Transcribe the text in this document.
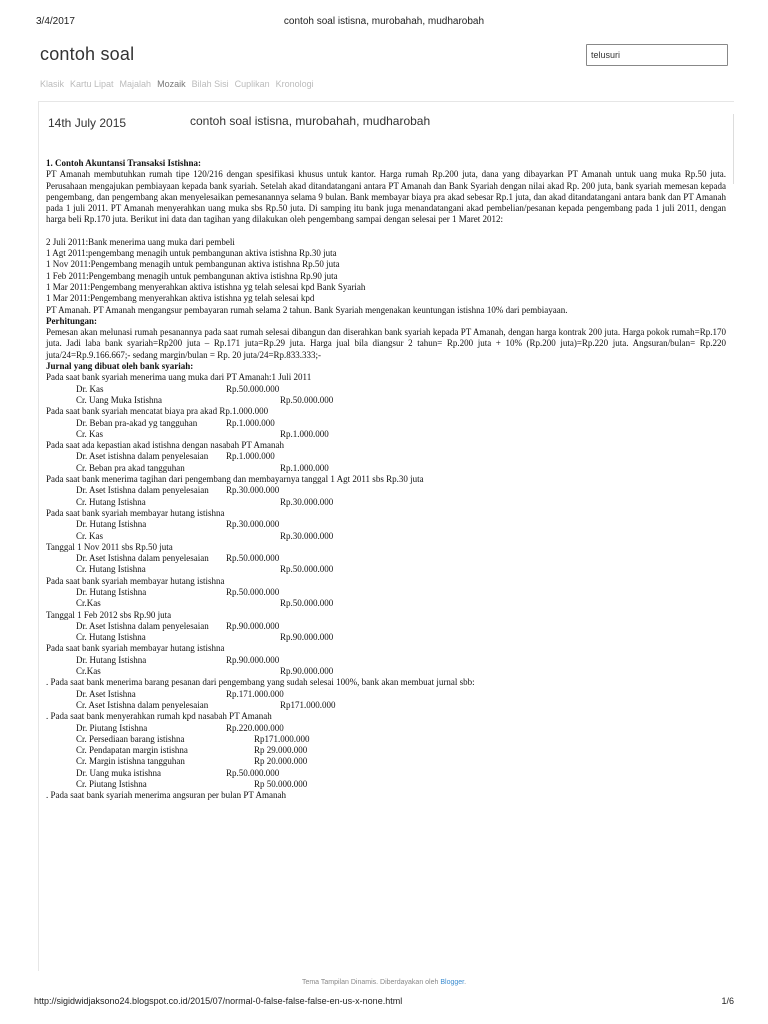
3/4/2017	contoh soal istisna, murobahah, mudharobah
contoh soal	telusuri
Klasik Kartu Lipat Majalah Mozaik Bilah Sisi Cuplikan Kronologi
14th July 2015	contoh soal istisna, murobahah, mudharobah

1. Contoh Akuntansi Transaksi Istishna:

PT Amanah membutuhkan rumah tipe 120/216 dengan spesifikasi khusus untuk kantor. Harga rumah Rp.200 juta, dana yang dibayarkan PT Amanah untuk uang muka Rp.50 juta. Perusahaan mengajukan pembiayaan kepada bank syariah. Setelah akad ditandatangani antara PT Amanah dan Bank Syariah dengan nilai akad Rp. 200 juta, bank syariah memesan kepada pengembang, dan pengembang akan menyelesaikan pemesanannya selama 9 bulan. Bank membayar biaya pra akad sebesar Rp.1 juta, dan akad ditandatangani antara bank dan PT Amanah pada 1 juli 2011. PT Amanah menyerahkan uang muka sbs Rp.50 juta. Di samping itu bank juga menandatangani akad pembelian/pesanan kepada pengembang pada 1 juli 2011, dengan harga beli Rp.170 juta. Berikut ini data dan tagihan yang dilakukan oleh pengembang sampai dengan selesai per 1 Maret 2012:

2 Juli 2011:Bank menerima uang muka dari pembeli

1 Agt 2011:pengembang menagih untuk pembangunan aktiva istishna Rp.30 juta

1 Nov 2011:Pengembang menagih untuk pembangunan aktiva istishna Rp.50 juta

1 Feb 2011:Pengembang menagih untuk pembangunan aktiva istishna Rp.90 juta

1 Mar 2011:Pengembang menyerahkan aktiva istishna yg telah selesai kpd Bank Syariah

1 Mar 2011:Pengembang menyerahkan aktiva istishna yg telah selesai kpd

PT Amanah. PT Amanah mengangsur pembayaran rumah selama 2 tahun. Bank Syariah mengenakan keuntungan istishna 10% dari pembiayaan.

Perhitungan:

Pemesan akan melunasi rumah pesanannya pada saat rumah selesai dibangun dan diserahkan bank syariah kepada PT Amanah, dengan harga kontrak 200 juta. Harga pokok rumah=Rp.170 juta. Jadi laba bank syariah=Rp200 juta – Rp.171 juta=Rp.29 juta. Harga jual bila diangsur 2 tahun= Rp.200 juta + 10% (Rp.200 juta)=Rp.220 juta. Angsuran/bulan= Rp.220 juta/24=Rp.9.166.667;- sedang margin/bulan = Rp. 20 juta/24=Rp.833.333;-

Jurnal yang dibuat oleh bank syariah:

Pada saat bank syariah menerima uang muka dari PT Amanah:1 Juli 2011
Dr. Kas	Rp.50.000.000
Cr. Uang Muka Istishna	Rp.50.000.000
Pada saat bank syariah mencatat biaya pra akad Rp.1.000.000
Dr. Beban pra-akad yg tangguhan	Rp.1.000.000
Cr. Kas	Rp.1.000.000
Pada saat ada kepastian akad istishna dengan nasabah PT Amanah
Dr. Aset istishna dalam penyelesaian Rp.1.000.000
Cr. Beban pra akad tangguhan	Rp.1.000.000
Pada saat bank menerima tagihan dari pengembang dan membayarnya tanggal 1 Agt 2011 sbs Rp.30 juta
Dr. Aset Istishna dalam penyelesaian Rp.30.000.000
Cr. Hutang Istishna	Rp.30.000.000
Pada saat bank syariah membayar hutang istishna
Dr. Hutang Istishna	Rp.30.000.000
Cr. Kas	Rp.30.000.000
Tanggal 1 Nov 2011 sbs Rp.50 juta
Dr. Aset Istishna dalam penyelesaian Rp.50.000.000
Cr. Hutang Istishna	Rp.50.000.000
Pada saat bank syariah membayar hutang istishna
Dr. Hutang Istishna	Rp.50.000.000
Cr.Kas	Rp.50.000.000
Tanggal 1 Feb 2012 sbs Rp.90 juta
Dr. Aset Istishna dalam penyelesaian Rp.90.000.000
Cr. Hutang Istishna	Rp.90.000.000
Pada saat bank syariah membayar hutang istishna
Dr. Hutang Istishna	Rp.90.000.000
Cr.Kas	Rp.90.000.000
. Pada saat bank menerima barang pesanan dari pengembang yang sudah selesai 100%, bank akan membuat jurnal sbb:
Dr. Aset Istishna	Rp.171.000.000
Cr. Aset Istishna dalam penyelesaian	Rp171.000.000
. Pada saat bank menyerahkan rumah kpd nasabah PT Amanah
Dr. Piutang Istishna	Rp.220.000.000
Cr. Persediaan barang istishna	Rp171.000.000
Cr. Pendapatan margin istishna	Rp 29.000.000
Cr. Margin istishna tangguhan	Rp 20.000.000
Dr. Uang muka istishna	Rp.50.000.000
Cr. Piutang Istishna	Rp 50.000.000
. Pada saat bank syariah menerima angsuran per bulan PT Amanah
Tema Tampilan Dinamis. Diberdayakan oleh Blogger.
http://sigidwidjaksono24.blogspot.co.id/2015/07/normal-0-false-false-false-en-us-x-none.html	1/6
